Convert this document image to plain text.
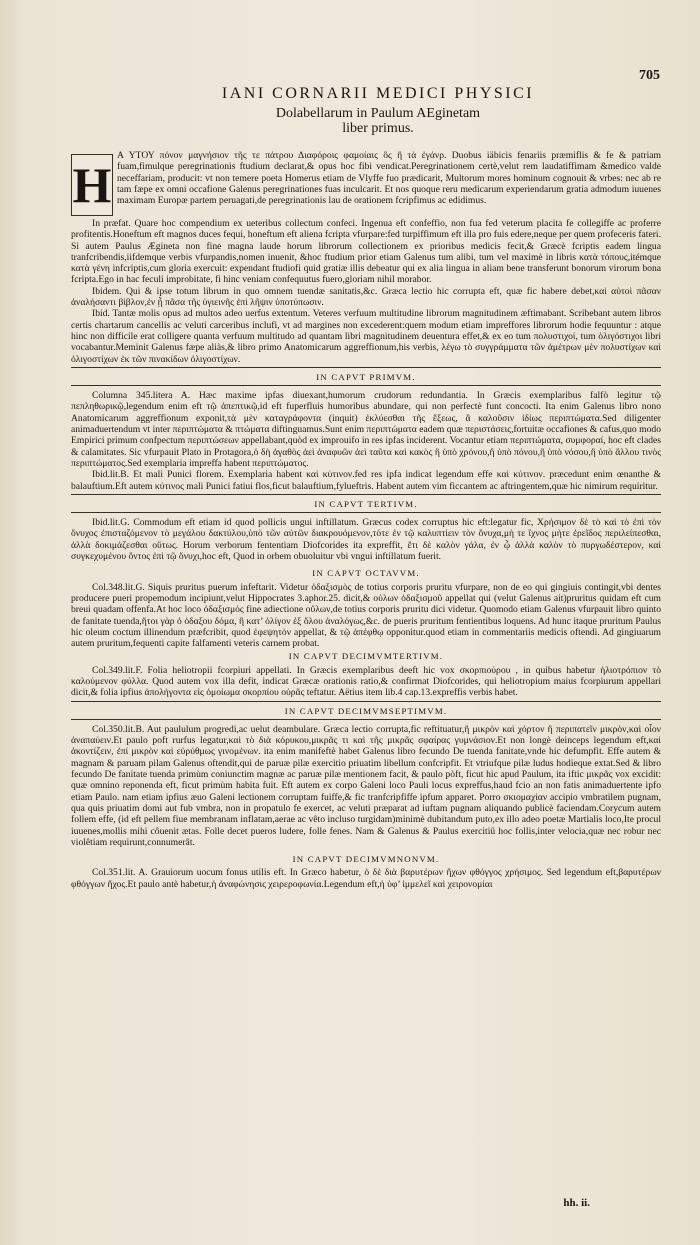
705
IANI CORNARII MEDICI PHYSICI
Dolabellarum in Paulum AEginetam
liber primus.
H

A ΥΤΟΥ πόνον μαγνήσιον τῆς τε πάτρου Διαφόροις φαμοίαις ὃς ἢ τὰ ἐγάνρ. Duobus iäbicis fenariis præmiflis & fe & patriam fuam,fimulque peregrinationis ftudium declarat,& opus hoc fibi vendicat.Peregrinationem certè,velut rem laudatiffimam &medico valde neceffariam, producit: vt non temere poeta Homerus etiam de Vlyffe fuo prædicarit, Multorum mores hominum cognouit & vrbes: nec ab re tam fæpe ex omni occafione Galenus peregrinationes fuas inculcarit. Et nos quoque reru medicarum experiendarum gratia admodum iuuenes maximam Europæ partem peruagati,de peregrinationis lau de orationem fcripfimus ac edidimus.

In præfat. Quare hoc compendium ex ueteribus collectum confeci. Ingenua eft confeffio, non fua fed veterum placita fe collegiffe ac proferre profitentis.Honeftum eft magnos duces fequi, honeftum eft aliena fcripta vfurpare:fed turpiffimum eft illa pro fuis edere,neque per quem profeceris fateri. Si autem Paulus Ægineta non fine magna laude horum librorum collectionem ex prioribus medicis fecit,& Græcè fcriptis eadem lingua tranfcribendis,iifdemque verbis vfurpandis,nomen inuenit, &hoc ftudium prior etiam Galenus tum alibi, tum vel maximè in libris κατὰ τόπους,itémque κατὰ γένη infcriptis,cum gloria exercuit: expendant ftudiofi quid gratiæ illis debeatur qui ex alia lingua in aliam bene transferunt bonorum virorum bona fcripta.Ego in hac feculi improbitate, fi hinc veniam confequutus fuero,gloriam nihil morabor.

Ibidem. Qui & ipse totum librum in quo omnem tuendæ sanitatis,&c. Græca lectio hic corrupta eft, quæ fic habere debet,καὶ αὐτοὶ πᾶσαν ἀναλήσαντι βίβλον,ἐν ᾗ πᾶσα τῆς ὑγιεινῆς ἐπὶ λῆψιν ὑποτύπωσιν.

Ibid. Tantæ molis opus ad multos adeo uerfus extentum. Veteres verfuum multitudine librorum magnitudinem æftimabant. Scribebant autem libros certis chartarum cancellis ac veluti carceribus inclufi, vt ad margines non excederent:quem modum etiam impreffores librorum hodie fequuntur : atque hinc non difficile erat colligere quanta verfuum multitudo ad quantam libri magnitudinem deuentura effet,& ex eo tum πολυστιχοί, tum ὀλιγόστιχοι libri vocabantur.Meminit Galenus fæpe aliàs,& libro primo Anatomicarum aggreffionum,his verbis, λέγω τὸ συγγράμματα τῶν ἀμέτρων μὲν πολυστίχων καὶ ὀλιγοστίχων ἐκ τῶν πινακίδων ὀλιγοστίχων.

IN CAPVT PRIMVM.

Columna 345.litera A. Hæc maxime ipfas diuexant,humorum crudorum redundantia. In Græcis exemplaribus falfò legitur τῷ πεπληθωρικῷ,legendum enim eft τῷ ἀπεπτικῷ,id eft fuperfluis humoribus abundare, qui non perfectè funt concocti. Ita enim Galenus libro nono Anatomicarum aggreffionum exponit,τὰ μὲν καταγράφοντα (inquit) ἐκλύεσθαι τῆς ἕξεως, ἃ καλοῦσιν ἰδίως περιπτώματα.Sed diligenter animaduertendum vt inter περιπτώματα & πτώματα diftinguamus.Sunt enim περιπτώματα eadem quæ περιστάσεις,fortuitæ occafiones & cafus,quo modo Empirici primum confpectum περιπτώσεων appellabant,quòd ex improuifo in res ipfas inciderent. Vocantur etiam περιπτώματα, συμφοραί, hoc eft clades & calamitates. Sic vfurpauit Plato in Protagora,ὁ δὴ ἀγαθὸς ἀεὶ ἀναφυῶν ἀεὶ ταῦτα καὶ κακὸς ἢ ὑπὸ χρόνου,ἢ ὑπὸ πόνου,ἢ ὑπὸ νόσου,ἢ ὑπὸ ἄλλου τινὸς περιπτώματος.Sed exemplaria impreffa habent περιπτώματος.

Ibid.lit.B. Et mali Punici florem. Exemplaria habent καὶ κύτινον.fed res ipfa indicat legendum effe καὶ κύτινον. præcedunt enim œnanthe & balauftium.Eft autem κύτινος mali Punici fatiui flos,ficut balauftium,fylueftris. Habent autem vim ficcantem ac aftringentem,quæ hic nimirum requiritur.

IN CAPVT TERTIVM.

Ibid.lit.G. Commodum eft etiam id quod pollicis ungui inftillatum. Græcus codex corruptus hic eft:legatur fic, Χρήσιμον δὲ τὸ καὶ τὸ ἐπὶ τὸν ὄνυχος ἐπισταζόμενον τὸ μεγάλου δακτύλου,ὑπὸ τῶν αὐτῶν διακρουόμενον,τότε ἐν τῷ καλυπτίειν τὸν ὄνυχα,μὴ τε ἴχνος μὴτε ἐρεῖδος περιλείπεσθαι, ἀλλὰ δοκιμάζεσθαι οὕτως. Horum verborum fententiam Diofcorides ita expreffit, ἔτι δὲ καλὸν γάλα, ἐν ᾧ ἀλλὰ καλὸν τὸ πυργωδέστερον, καὶ συγκεχυμένου ὄντος ἐπὶ τῷ ὄνυχι,hoc eft, Quod in orbem obuoluitur vbi vngui inftillatum fuerit.

IN CAPVT OCTAVVM.

Col.348.lit.G. Siquis pruritus puerum infeftarit. Videtur ὀδαξισμὸς de totius corporis pruritu vfurpare, non de eo qui gingiuis contingit,vbi dentes producere pueri propemodum incipiunt,velut Hippocrates 3.aphor.25. dicit,& οὐλων ὀδαξισμοῦ appellat qui (velut Galenus ait)pruritus quidam eft cum breui quadam offenfa.At hoc loco ὀδαξισμός fine adiectione οὔλων,de totius corporis pruritu dici videtur. Quomodo etiam Galenus vfurpauit libro quinto de fanitate tuenda,ἤτοι γὰρ ὁ ὀδαξου δόμα, ἢ κατ’ ὀλίγον ἐξ ὅλου ἀναλόγως,&c. de pueris pruritum fentientibus loquens. Ad hunc itaque pruritum Paulus hic oleum coctum illinendum præfcribit, quod ἐφεψητὸν appellat, & τῷ ἀπέφθῳ opponitur.quod etiam in commentariis medicis oftendi. Ad gingiuarum autem pruritum,fequenti capite falfamenti veteris carnem probat.

IN CAPVT DECIMVMTERTIVM.

Col.349.lit.F. Folia heliotropii fcorpiuri appellati. In Græcis exemplaribus deeft hic vox σκορπιούρου , in quibus habetur ἡλιοτρόπιον τὸ καλούμενον φύλλα. Quod autem vox illa defit, indicat Græcæ orationis ratio,& confirmat Diofcorides, qui heliotropium maius fcorpiurum appellari dicit,& folia ipfius ἀπολήγοντα εἰς ὁμοίωμα σκορπίου οὐρᾶς teftatur. Aëtius item lib.4 cap.13.expreffis verbis habet.

IN CAPVT DECIMVMSEPTIMVM.

Col.350.lit.B. Aut paululum progredi,ac uelut deambulare. Græca lectio corrupta,fic reftituatur,ἢ μικρὸν καὶ χόρτον ἢ περιπατεῖν μικρὸν,καὶ οἷον ἀναπαύειν.Et paulo poft rurfus legatur,καὶ τὸ διὰ κόρυκου,μικρᾶς τι καὶ τῆς μικρᾶς σφαίρας γυμνάσιον.Et non longè deinceps legendum eft,καὶ ἀκοντίζειν, ἐπί μικρὸν καὶ εὐρύθμως γινομένων. ita enim manifeftè habet Galenus libro fecundo De tuenda fanitate,vnde hic defumpfit. Effe autem & magnam & paruam pilam Galenus oftendit,qui de paruæ pilæ exercitio priuatim libellum confcripfit. Et vtriufque pilæ ludus hodieque extat.Sed & libro fecundo De fanitate tuenda primùm coniunctim magnæ ac paruæ pilæ mentionem facit, & paulo pòft, ficut hic apud Paulum, ita iftic μικρᾶς vox excidit: quæ omnino reponenda eft, ficut primùm habita fuit. Eft autem ex corpo Galeni loco Pauli locus expreffus,haud fcio an non fatis animaduertente ipfo etiam Paulo. nam etiam ipfius æuo Galeni lectionem corruptam fuiffe,& fic tranfcripfiffe ipfum apparet. Porro σκιομαχίαν accipio vmbratilem pugnam, qua quis priuatim domi aut fub vmbra, non in propatulo fe exercet, ac veluti præparat ad iuftam pugnam aliquando publicè faciendam.Corycum autem follem effe, (id eft pellem fiue membranam inflatam,aerae ac vêto incluso turgidam)minimè dubitandum puto,ex illo adeo poetæ Martialis loco,Ite procul iuuenes,mollis mihi côuenit ætas. Folle decet pueros ludere, folle fenes. Nam & Galenus & Paulus exercitiû hoc follis,inter velocia,quæ nec robur nec violêtiam requirunt,connumerât.

IN CAPVT DECIMVMNONVM.

Col.351.lit. A. Grauiorum uocum fonus utilis eft. In Græco habetur, ὁ δὲ διὰ βαρυτέρων ἤχων φθόγγος χρήσιμος. Sed legendum eft,βαρυτέρων φθόγγων ἤχος.Et paulo antè habetur,ἡ ἀναφώνησις χειρεροφωνία.Legendum eft,ἡ ὑφ’ ἱμμελεῖ καὶ χειρονομίαι

hh. ii.
